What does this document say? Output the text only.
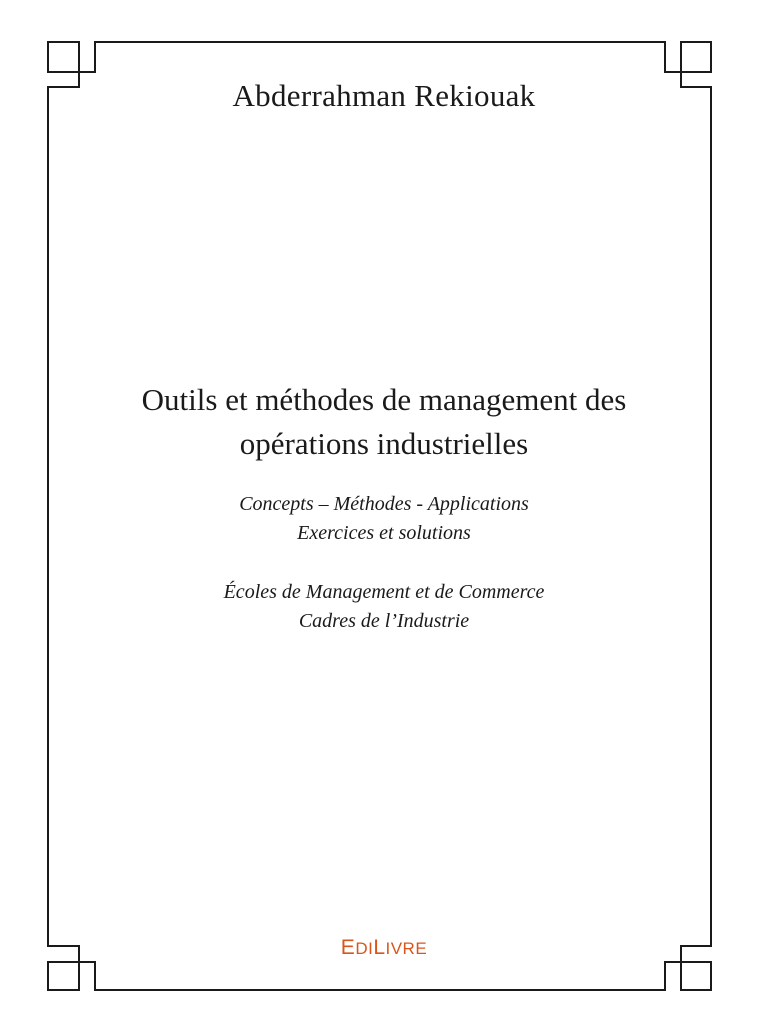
Abderrahman Rekiouak
Outils et méthodes de management des
opérations industrielles
Concepts – Méthodes - Applications
Exercices et solutions
Écoles de Management et de Commerce
Cadres de l’Industrie
EDILIVRE
